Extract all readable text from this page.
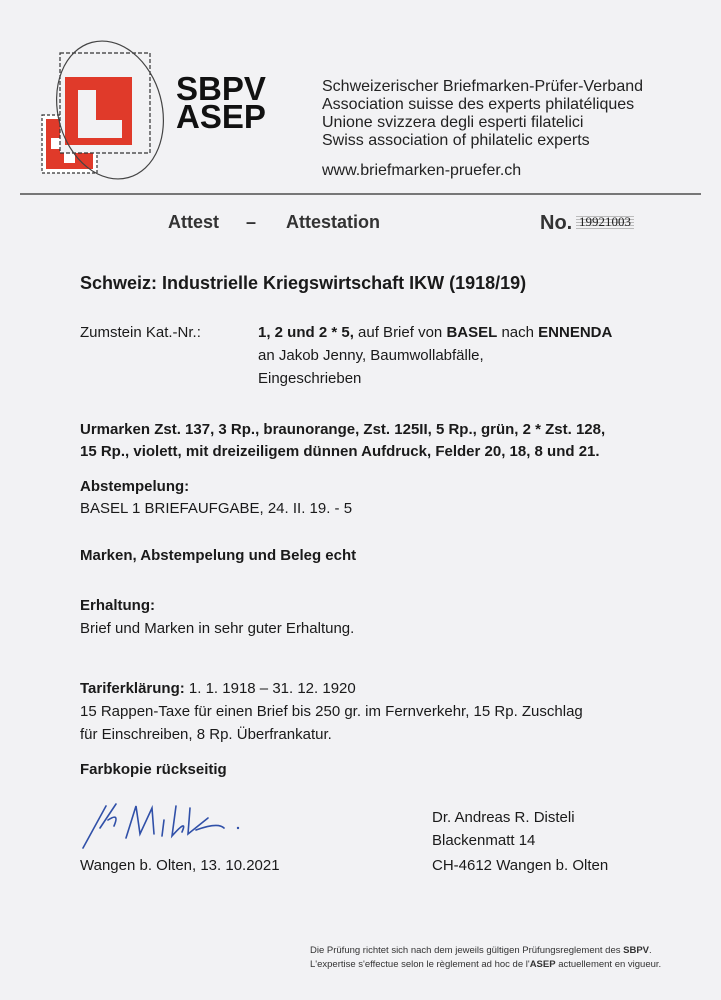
SBPV
ASEP
Schweizerischer Briefmarken-Prüfer-Verband
Association suisse des experts philatéliques
Unione svizzera degli esperti filatelici
Swiss association of philatelic experts
www.briefmarken-pruefer.ch
Attest – Attestation	No. 19921003
Schweiz: Industrielle Kriegswirtschaft IKW (1918/19)
Zumstein Kat.-Nr.:	1, 2 und 2 * 5, auf Brief von BASEL nach ENNENDA
an Jakob Jenny, Baumwollabfälle,
Eingeschrieben
Urmarken Zst. 137, 3 Rp., braunorange, Zst. 125II, 5 Rp., grün, 2 * Zst. 128,
15 Rp., violett, mit dreizeiligem dünnen Aufdruck, Felder 20, 18, 8 und 21.
Abstempelung:
BASEL 1 BRIEFAUFGABE, 24. II. 19. - 5
Marken, Abstempelung und Beleg echt
Erhaltung:
Brief und Marken in sehr guter Erhaltung.
Tariferklärung: 1. 1. 1918 – 31. 12. 1920
15 Rappen-Taxe für einen Brief bis 250 gr. im Fernverkehr, 15 Rp. Zuschlag
für Einschreiben, 8 Rp. Überfrankatur.
Farbkopie rückseitig
Wangen b. Olten, 13. 10.2021
Dr. Andreas R. Disteli
Blackenmatt 14
CH-4612 Wangen b. Olten
Die Prüfung richtet sich nach dem jeweils gültigen Prüfungsreglement des SBPV.
L'expertise s'effectue selon le règlement ad hoc de l'ASEP actuellement en vigueur.
